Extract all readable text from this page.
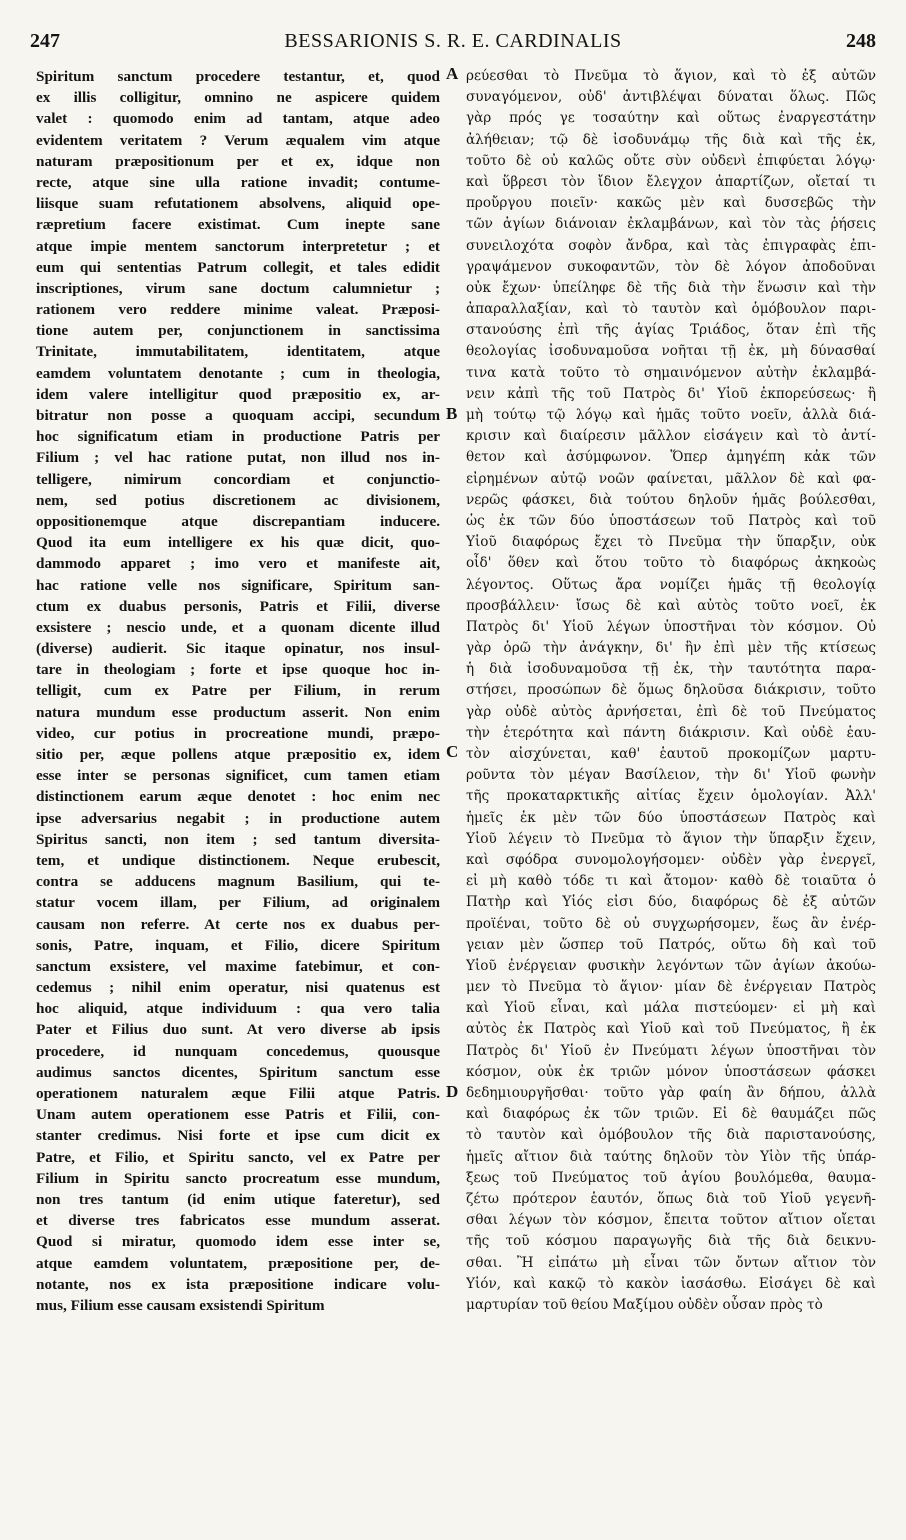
247	BESSARIONIS S. R. E. CARDINALIS	248
Spiritum sanctum procedere testantur, et, quod
ex illis colligitur, omnino ne aspicere quidem
valet : quomodo enim ad tantam, atque adeo
evidentem veritatem ? Verum æqualem vim atque
naturam præpositionum per et ex, idque non
recte, atque sine ulla ratione invadit; contume-
liisque suam refutationem absolvens, aliquid ope-
ræpretium facere existimat. Cum inepte sane
atque impie mentem sanctorum interpretetur ; et
eum qui sententias Patrum collegit, et tales edidit
inscriptiones, virum sane doctum calumnietur ;
rationem vero reddere minime valeat. Præposi-
tione autem per, conjunctionem in sanctissima
Trinitate, immutabilitatem, identitatem, atque
eamdem voluntatem denotante ; cum in theologia,
idem valere intelligitur quod præpositio ex, ar-
bitratur non posse a quoquam accipi, secundum
hoc significatum etiam in productione Patris per
Filium ; vel hac ratione putat, non illud nos in-
telligere, nimirum concordiam et conjunctio-
nem, sed potius discretionem ac divisionem,
oppositionemque atque discrepantiam inducere.
Quod ita eum intelligere ex his quæ dicit, quo-
dammodo apparet ; imo vero et manifeste ait,
hac ratione velle nos significare, Spiritum san-
ctum ex duabus personis, Patris et Filii, diverse
exsistere ; nescio unde, et a quonam dicente illud
(diverse) audierit. Sic itaque opinatur, nos insul-
tare in theologiam ; forte et ipse quoque hoc in-
telligit, cum ex Patre per Filium, in rerum
natura mundum esse productum asserit. Non enim
video, cur potius in procreatione mundi, præpo-
sitio per, æque pollens atque præpositio ex, idem
esse inter se personas significet, cum tamen etiam
distinctionem earum æque denotet : hoc enim nec
ipse adversarius negabit ; in productione autem
Spiritus sancti, non item ; sed tantum diversita-
tem, et undique distinctionem. Neque erubescit,
contra se adducens magnum Basilium, qui te-
statur vocem illam, per Filium, ad originalem
causam non referre. At certe nos ex duabus per-
sonis, Patre, inquam, et Filio, dicere Spiritum
sanctum exsistere, vel maxime fatebimur, et con-
cedemus ; nihil enim operatur, nisi quatenus est
hoc aliquid, atque individuum : qua vero talia
Pater et Filius duo sunt. At vero diverse ab ipsis
procedere, id nunquam concedemus, quousque
audimus sanctos dicentes, Spiritum sanctum esse
operationem naturalem æque Filii atque Patris.
Unam autem operationem esse Patris et Filii, con-
stanter credimus. Nisi forte et ipse cum dicit ex
Patre, et Filio, et Spiritu sancto, vel ex Patre per
Filium in Spiritu sancto procreatum esse mundum,
non tres tantum (id enim utique fateretur), sed
et diverse tres fabricatos esse mundum asserat.
Quod si miratur, quomodo idem esse inter se,
atque eamdem voluntatem, præpositione per, de-
notante, nos ex ista præpositione indicare volu-
mus, Filium esse causam exsistendi Spiritum
ρεύεσθαι τὸ Πνεῦμα τὸ ἅγιον, καὶ τὸ ἐξ αὐτῶν
συναγόμενον, οὐδ' ἀντιβλέψαι δύναται ὅλως. Πῶς
γὰρ πρός γε τοσαύτην καὶ οὕτως ἐναργεστάτην
ἀλήθειαν; τῷ δὲ ἰσοδυνάμῳ τῆς διὰ καὶ τῆς ἐκ,
τοῦτο δὲ οὐ καλῶς οὔτε σὺν οὐδενὶ ἐπιφύεται λόγῳ·
καὶ ὕβρεσι τὸν ἴδιον ἔλεγχον ἀπαρτίζων, οἴεταί τι
προὔργου ποιεῖν· κακῶς μὲν καὶ δυσσεβῶς τὴν
τῶν ἁγίων διάνοιαν ἐκλαμβάνων, καὶ τὸν τὰς ῥήσεις
συνειλοχότα σοφὸν ἄνδρα, καὶ τὰς ἐπιγραφὰς ἐπι-
γραψάμενον συκοφαντῶν, τὸν δὲ λόγον ἀποδοῦναι
οὐκ ἔχων· ὑπείληφε δὲ τῆς διὰ τὴν ἕνωσιν καὶ τὴν
ἀπαραλλαξίαν, καὶ τὸ ταυτὸν καὶ ὁμόβουλον παρι-
στανούσης ἐπὶ τῆς ἁγίας Τριάδος, ὅταν ἐπὶ τῆς
θεολογίας ἰσοδυναμοῦσα νοῆται τῇ ἐκ, μὴ δύνασθαί
τινα κατὰ τοῦτο τὸ σημαινόμενον αὐτὴν ἐκλαμβά-
νειν κἀπὶ τῆς τοῦ Πατρὸς δι' Υἱοῦ ἐκπορεύσεως· ἢ
μὴ τούτῳ τῷ λόγῳ καὶ ἡμᾶς τοῦτο νοεῖν, ἀλλὰ διά-
κρισιν καὶ διαίρεσιν μᾶλλον εἰσάγειν καὶ τὸ ἀντί-
θετον καὶ ἀσύμφωνον. Ὅπερ ἀμηγέπη κἀκ τῶν
εἰρημένων αὐτῷ νοῶν φαίνεται, μᾶλλον δὲ καὶ φα-
νερῶς φάσκει, διὰ τούτου δηλοῦν ἡμᾶς βούλεσθαι,
ὡς ἐκ τῶν δύο ὑποστάσεων τοῦ Πατρὸς καὶ τοῦ
Υἱοῦ διαφόρως ἔχει τὸ Πνεῦμα τὴν ὕπαρξιν, οὐκ
οἶδ' ὅθεν καὶ ὅτου τοῦτο τὸ διαφόρως ἀκηκοὼς
λέγοντος. Οὕτως ἄρα νομίζει ἡμᾶς τῇ θεολογίᾳ
προσβάλλειν· ἴσως δὲ καὶ αὐτὸς τοῦτο νοεῖ, ἐκ
Πατρὸς δι' Υἱοῦ λέγων ὑποστῆναι τὸν κόσμον. Οὐ
γὰρ ὁρῶ τὴν ἀνάγκην, δι' ἣν ἐπὶ μὲν τῆς κτίσεως
ἡ διὰ ἰσοδυναμοῦσα τῇ ἐκ, τὴν ταυτότητα παρα-
στήσει, προσώπων δὲ ὅμως δηλοῦσα διάκρισιν, τοῦτο
γὰρ οὐδὲ αὐτὸς ἀρνήσεται, ἐπὶ δὲ τοῦ Πνεύματος
τὴν ἑτερότητα καὶ πάντη διάκρισιν. Καὶ οὐδὲ ἑαυ-
τὸν αἰσχύνεται, καθ' ἑαυτοῦ προκομίζων μαρτυ-
ροῦντα τὸν μέγαν Βασίλειον, τὴν δι' Υἱοῦ φωνὴν
τῆς προκαταρκτικῆς αἰτίας ἔχειν ὁμολογίαν. Ἀλλ'
ἡμεῖς ἐκ μὲν τῶν δύο ὑποστάσεων Πατρὸς καὶ
Υἱοῦ λέγειν τὸ Πνεῦμα τὸ ἅγιον τὴν ὕπαρξιν ἔχειν,
καὶ σφόδρα συνομολογήσομεν· οὐδὲν γὰρ ἐνεργεῖ,
εἰ μὴ καθὸ τόδε τι καὶ ἄτομον· καθὸ δὲ τοιαῦτα ὁ
Πατὴρ καὶ Υἱός εἰσι δύο, διαφόρως δὲ ἐξ αὐτῶν
προϊέναι, τοῦτο δὲ οὐ συγχωρήσομεν, ἕως ἂν ἐνέρ-
γειαν μὲν ὥσπερ τοῦ Πατρός, οὕτω δὴ καὶ τοῦ
Υἱοῦ ἐνέργειαν φυσικὴν λεγόντων τῶν ἁγίων ἀκούω-
μεν τὸ Πνεῦμα τὸ ἅγιον· μίαν δὲ ἐνέργειαν Πατρὸς
καὶ Υἱοῦ εἶναι, καὶ μάλα πιστεύομεν· εἰ μὴ καὶ
αὐτὸς ἐκ Πατρὸς καὶ Υἱοῦ καὶ τοῦ Πνεύματος, ἢ ἐκ
Πατρὸς δι' Υἱοῦ ἐν Πνεύματι λέγων ὑποστῆναι τὸν
κόσμον, οὐκ ἐκ τριῶν μόνον ὑποστάσεων φάσκει
δεδημιουργῆσθαι· τοῦτο γὰρ φαίη ἂν δήπου, ἀλλὰ
καὶ διαφόρως ἐκ τῶν τριῶν. Εἰ δὲ θαυμάζει πῶς
τὸ ταυτὸν καὶ ὁμόβουλον τῆς διὰ παριστανούσης,
ἡμεῖς αἴτιον διὰ ταύτης δηλοῦν τὸν Υἱὸν τῆς ὑπάρ-
ξεως τοῦ Πνεύματος τοῦ ἁγίου βουλόμεθα, θαυμα-
ζέτω πρότερον ἑαυτόν, ὅπως διὰ τοῦ Υἱοῦ γεγενῆ-
σθαι λέγων τὸν κόσμον, ἔπειτα τοῦτον αἴτιον οἴεται
τῆς τοῦ κόσμου παραγωγῆς διὰ τῆς διὰ δεικνυ-
σθαι. Ἢ εἰπάτω μὴ εἶναι τῶν ὄντων αἴτιον τὸν
Υἱόν, καὶ κακῷ τὸ κακὸν ἰασάσθω. Εἰσάγει δὲ καὶ
μαρτυρίαν τοῦ θείου Μαξίμου οὐδὲν οὖσαν πρὸς τὸ
A
B
C
D
